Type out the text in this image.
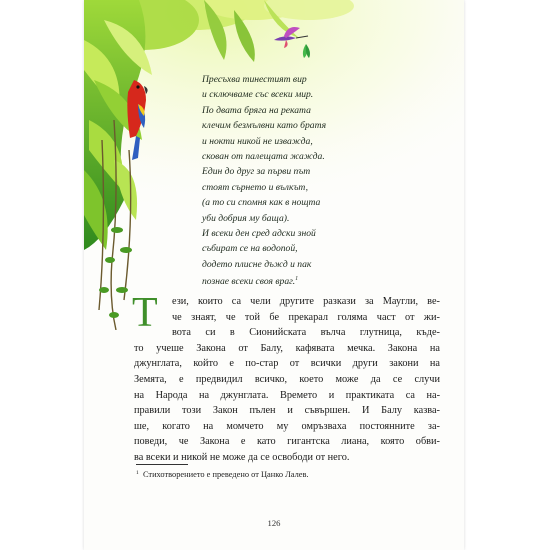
Пресъхва тинестият вир
и сключваме със всеки мир.
По двата бряга на реката
клечим безмълвни като братя
и нокти никой не изважда,
скован от палещата жажда.
Един до друг за първи път
стоят сърнето и вълкът,
(а то си спомня как в нощта
уби добрия му баща).
И всеки ден сред адски зной
събират се на водопой,
додето плисне дъжд и пак
познае всеки своя враг.$^1$
Т	ези, които са чели другите разкази за Маугли, ве-
че знаят, че той бе прекарал голяма част от жи-
вота си в Сионийската вълча глутница, къде-
то учеше Закона от Балу, кафявата мечка. Закона на
джунглата, който е по-стар от всички други закони на
Земята, е предвидил всичко, което може да се случи
на Народа на джунглата. Времето и практиката са на-
правили този Закон пълен и съвършен. И Балу казва-
ше, когато на момчето му омръзваха постоянните за-
поведи, че Закона е като гигантска лиана, която обви-
ва всеки и никой не може да се освободи от него.
$^1$ Стихотворението е преведено от Цанко Лалев.
126
